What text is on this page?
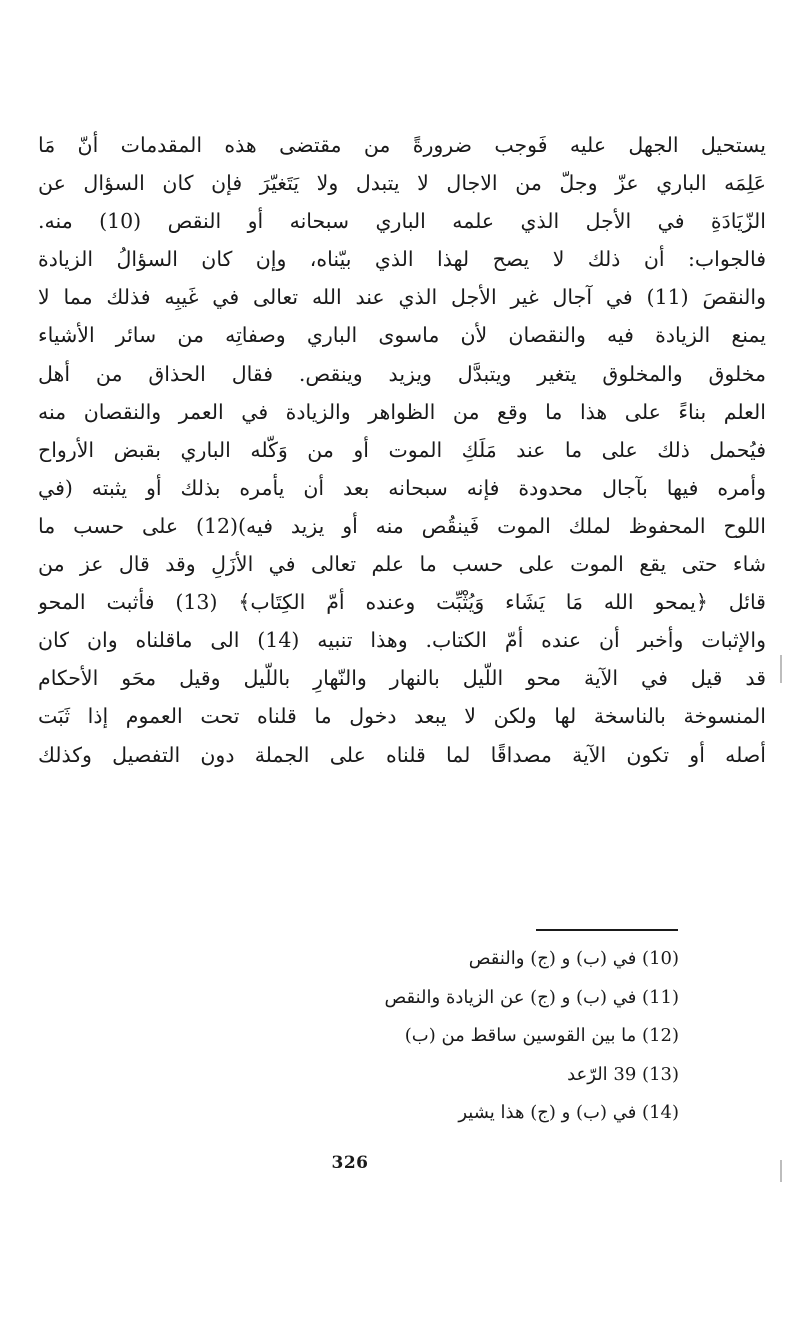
يستحيل الجهل عليه فَوجب ضرورةً من مقتضى هذه المقدمات أنّ مَا
عَلِمَه الباري عزّ وجلّ من الاجال لا يتبدل ولا يَتَغيّرَ فإن كان السؤال عن
الزّيَادَةِ في الأجل الذي علمه الباري سبحانه أو النقص (10) منه.
فالجواب: أن ذلك لا يصح لهذا الذي بيّناه، وإن كان السؤالُ الزيادة
والنقصَ (11) في آجال غير الأجل الذي عند الله تعالى في غَيبِه فذلك مما لا
يمنع الزيادة فيه والنقصان لأن ماسوى الباري وصفاتِه من سائر الأشياء
مخلوق والمخلوق يتغير ويتبدَّل ويزيد وينقص. فقال الحذاق من أهل
العلم بناءً على هذا ما وقع من الظواهر والزيادة في العمر والنقصان منه
فيُحمل ذلك على ما عند مَلَكِ الموت أو من وَكّله الباري بقبض الأرواح
وأمره فيها بآجال محدودة فإنه سبحانه بعد أن يأمره بذلك أو يثبته (في
اللوح المحفوظ لملك الموت فَينقُص منه أو يزيد فيه)(12) على حسب ما
شاء حتى يقع الموت على حسب ما علم تعالى في الأزَلِ وقد قال عز من
قائل ﴿يمحو الله مَا يَشَاء وَيُثْبِّت وعنده أمّ الكِتَاب﴾ (13) فأثبت المحو
والإثبات وأخبر أن عنده أمّ الكتاب. وهذا تنبيه (14) الى ماقلناه وان كان
قد قيل في الآية محو اللّيل بالنهار والنّهارِ باللّيل وقيل محَو الأحكام
المنسوخة بالناسخة لها ولكن لا يبعد دخول ما قلناه تحت العموم إذا ثَبَت
أصله أو تكون الآية مصداقًا لما قلناه على الجملة دون التفصيل وكذلك
(10) في (ب) و (ج) والنقص
(11) في (ب) و (ج) عن الزيادة والنقص
(12) ما بين القوسين ساقط من (ب)
(13) 39 الرّعد
(14) في (ب) و (ج) هذا يشير
326
